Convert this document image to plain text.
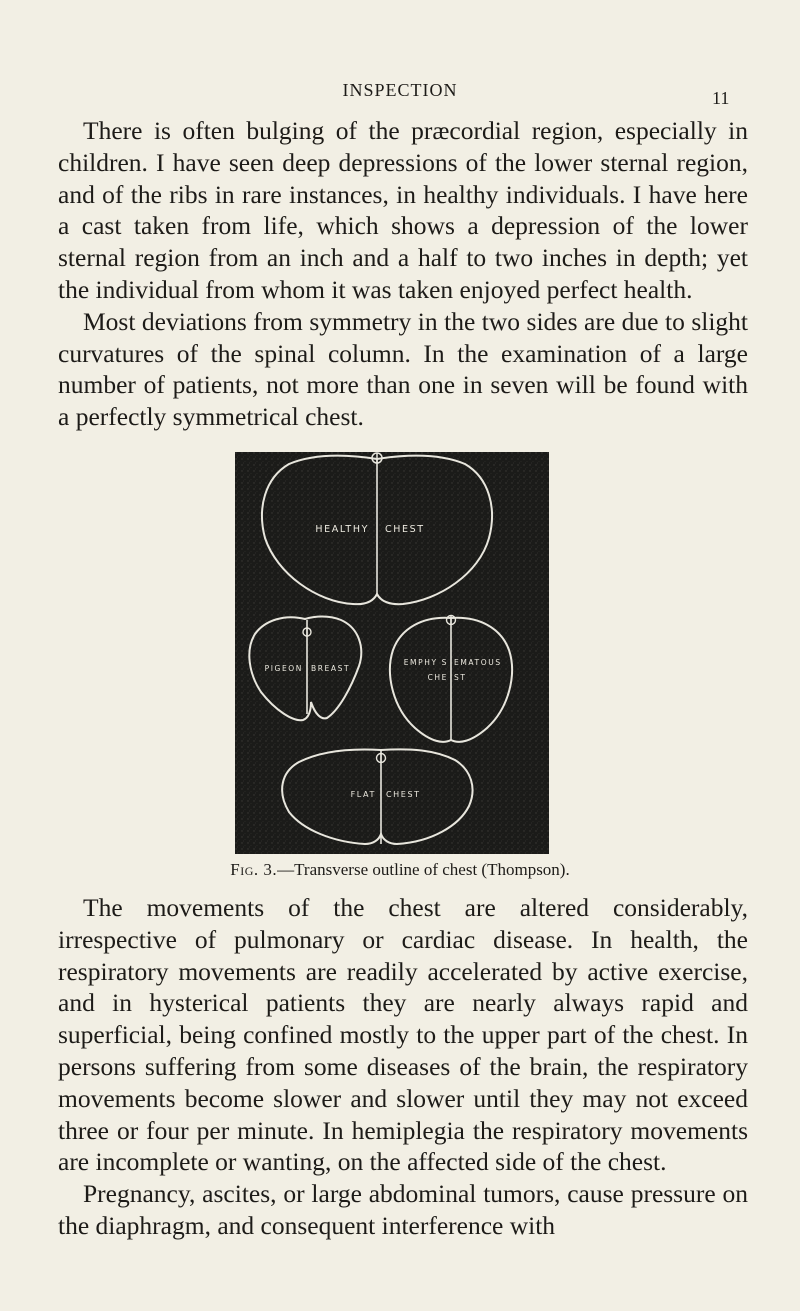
INSPECTION	11

There is often bulging of the præcordial region, especially in children. I have seen deep depressions of the lower sternal region, and of the ribs in rare instances, in healthy individuals. I have here a cast taken from life, which shows a depression of the lower sternal region from an inch and a half to two inches in depth; yet the individual from whom it was taken enjoyed perfect health.

Most deviations from symmetry in the two sides are due to slight curvatures of the spinal column. In the examination of a large number of patients, not more than one in seven will be found with a perfectly symmetrical chest.

HEALTHY CHEST
PIGEON BREAST
EMPHY S EMATOUS
CHE ST
FLAT CHEST
Fig. 3.—Transverse outline of chest (Thompson).

The movements of the chest are altered considerably, irrespective of pulmonary or cardiac disease. In health, the respiratory movements are readily accelerated by active exercise, and in hysterical patients they are nearly always rapid and superficial, being confined mostly to the upper part of the chest. In persons suffering from some diseases of the brain, the respiratory movements become slower and slower until they may not exceed three or four per minute. In hemiplegia the respiratory movements are incomplete or wanting, on the affected side of the chest.

Pregnancy, ascites, or large abdominal tumors, cause pressure on the diaphragm, and consequent interference with
